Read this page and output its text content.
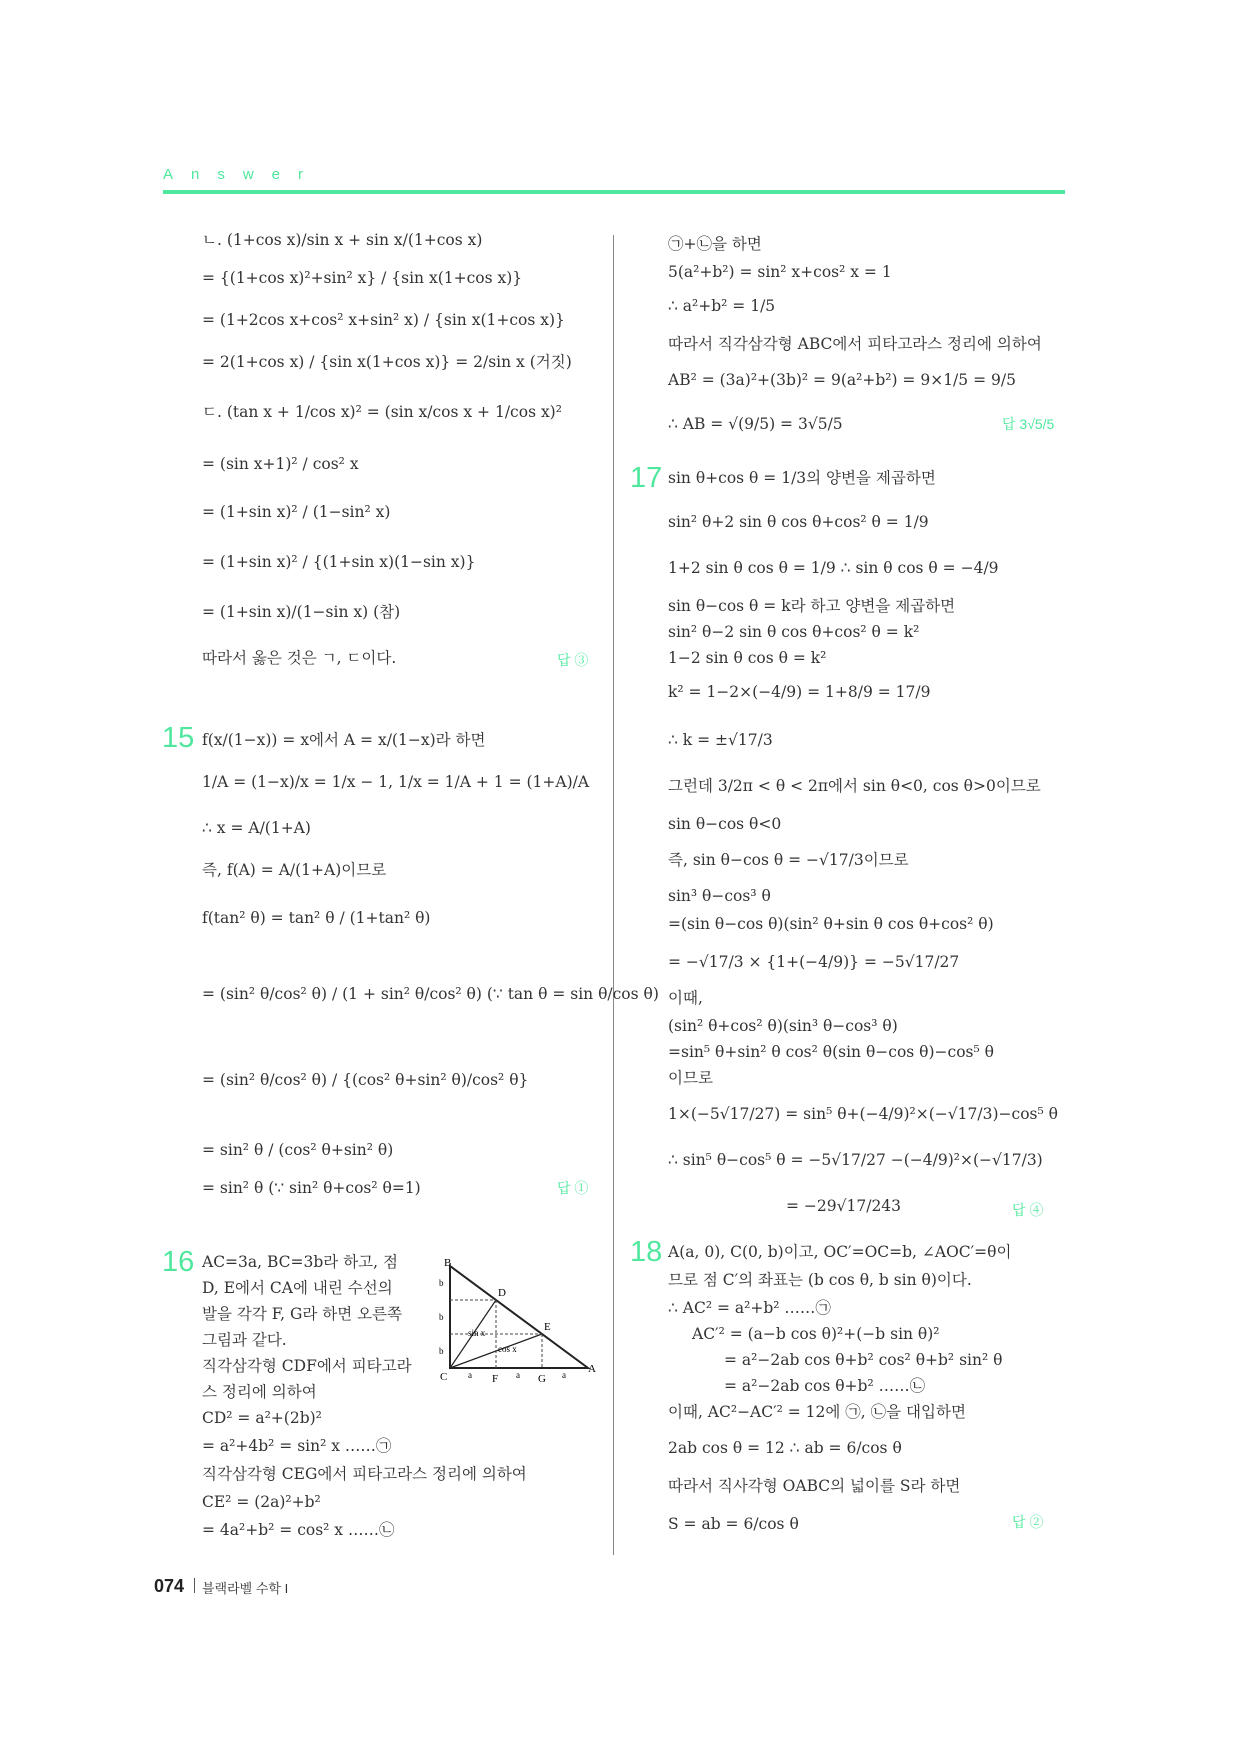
Answer
ㄴ. (1+cos x)/sin x + sin x/(1+cos x)
= {(1+cos x)²+sin² x} / {sin x(1+cos x)}
= (1+2cos x+cos² x+sin² x) / {sin x(1+cos x)}
= 2(1+cos x) / {sin x(1+cos x)} = 2/sin x (거짓)
ㄷ. (tan x + 1/cos x)² = (sin x/cos x + 1/cos x)²
= (sin x+1)² / cos² x
= (1+sin x)² / (1−sin² x)
= (1+sin x)² / {(1+sin x)(1−sin x)}
= (1+sin x)/(1−sin x) (참)
따라서 옳은 것은 ㄱ, ㄷ이다.	답 ③
15 f(x/(1−x)) = x에서 A = x/(1−x)라 하면
1/A = (1−x)/x = 1/x − 1, 1/x = 1/A + 1 = (1+A)/A
∴ x = A/(1+A)
즉, f(A) = A/(1+A)이므로
f(tan² θ) = tan² θ / (1+tan² θ)
= (sin² θ/cos² θ) / (1 + sin² θ/cos² θ) (∵ tan θ = sin θ/cos θ)
= (sin² θ/cos² θ) / {(cos² θ+sin² θ)/cos² θ}
= sin² θ / (cos² θ+sin² θ)
= sin² θ (∵ sin² θ+cos² θ=1)	답 ①
16 AC=3a, BC=3b라 하고, 점
D, E에서 CA에 내린 수선의
발을 각각 F, G라 하면 오른쪽
그림과 같다.
직각삼각형 CDF에서 피타고라
스 정리에 의하여
CD² = a²+(2b)²
= a²+4b² = sin² x ……㉠
직각삼각형 CEG에서 피타고라스 정리에 의하여
CE² = (2a)²+b²
= 4a²+b² = cos² x ……㉡
B
D
E
C	F	G
A
sin x
cos x
a	a	a
b
b
b
㉠+㉡을 하면
5(a²+b²) = sin² x+cos² x = 1
∴ a²+b² = 1/5
따라서 직각삼각형 ABC에서 피타고라스 정리에 의하여
AB² = (3a)²+(3b)² = 9(a²+b²) = 9×1/5 = 9/5
∴ AB = √(9/5) = 3√5/5	답 3√5/5
17 sin θ+cos θ = 1/3의 양변을 제곱하면
sin² θ+2 sin θ cos θ+cos² θ = 1/9
1+2 sin θ cos θ = 1/9 ∴ sin θ cos θ = −4/9
sin θ−cos θ = k라 하고 양변을 제곱하면
sin² θ−2 sin θ cos θ+cos² θ = k²
1−2 sin θ cos θ = k²
k² = 1−2×(−4/9) = 1+8/9 = 17/9
∴ k = ±√17/3
그런데 3/2π < θ < 2π에서 sin θ<0, cos θ>0이므로
sin θ−cos θ<0
즉, sin θ−cos θ = −√17/3이므로
sin³ θ−cos³ θ
=(sin θ−cos θ)(sin² θ+sin θ cos θ+cos² θ)
= −√17/3 × {1+(−4/9)} = −5√17/27
이때,
(sin² θ+cos² θ)(sin³ θ−cos³ θ)
=sin⁵ θ+sin² θ cos² θ(sin θ−cos θ)−cos⁵ θ
이므로
1×(−5√17/27) = sin⁵ θ+(−4/9)²×(−√17/3)−cos⁵ θ
∴ sin⁵ θ−cos⁵ θ = −5√17/27 −(−4/9)²×(−√17/3)
= −29√17/243	답 ④
18 A(a, 0), C(0, b)이고, OC′=OC=b, ∠AOC′=θ이
므로 점 C′의 좌표는 (b cos θ, b sin θ)이다.
∴ AC² = a²+b² ……㉠
AC′² = (a−b cos θ)²+(−b sin θ)²
= a²−2ab cos θ+b² cos² θ+b² sin² θ
= a²−2ab cos θ+b² ……㉡
이때, AC²−AC′² = 12에 ㉠, ㉡을 대입하면
2ab cos θ = 12 ∴ ab = 6/cos θ
따라서 직사각형 OABC의 넓이를 S라 하면
S = ab = 6/cos θ	답 ②
074 블랙라벨 수학 I
